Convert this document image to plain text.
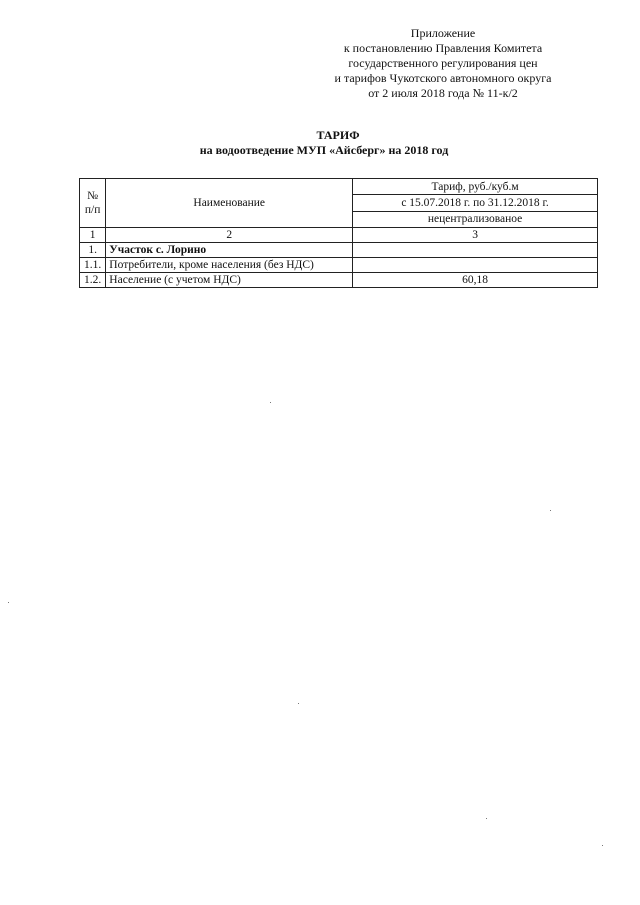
Приложение
к постановлению Правления Комитета
государственного регулирования цен
и тарифов Чукотского автономного округа
от 2 июля 2018 года № 11-к/2
ТАРИФ
на водоотведение МУП «Айсберг» на 2018 год
№
п/п	Наименование	Тариф, руб./куб.м
		с 15.07.2018 г. по 31.12.2018 г.
		нецентрализованое
1	2	3
1.	Участок с. Лорино	
1.1.	Потребители, кроме населения (без НДС)	
1.2.	Население (с учетом НДС)	60,18
